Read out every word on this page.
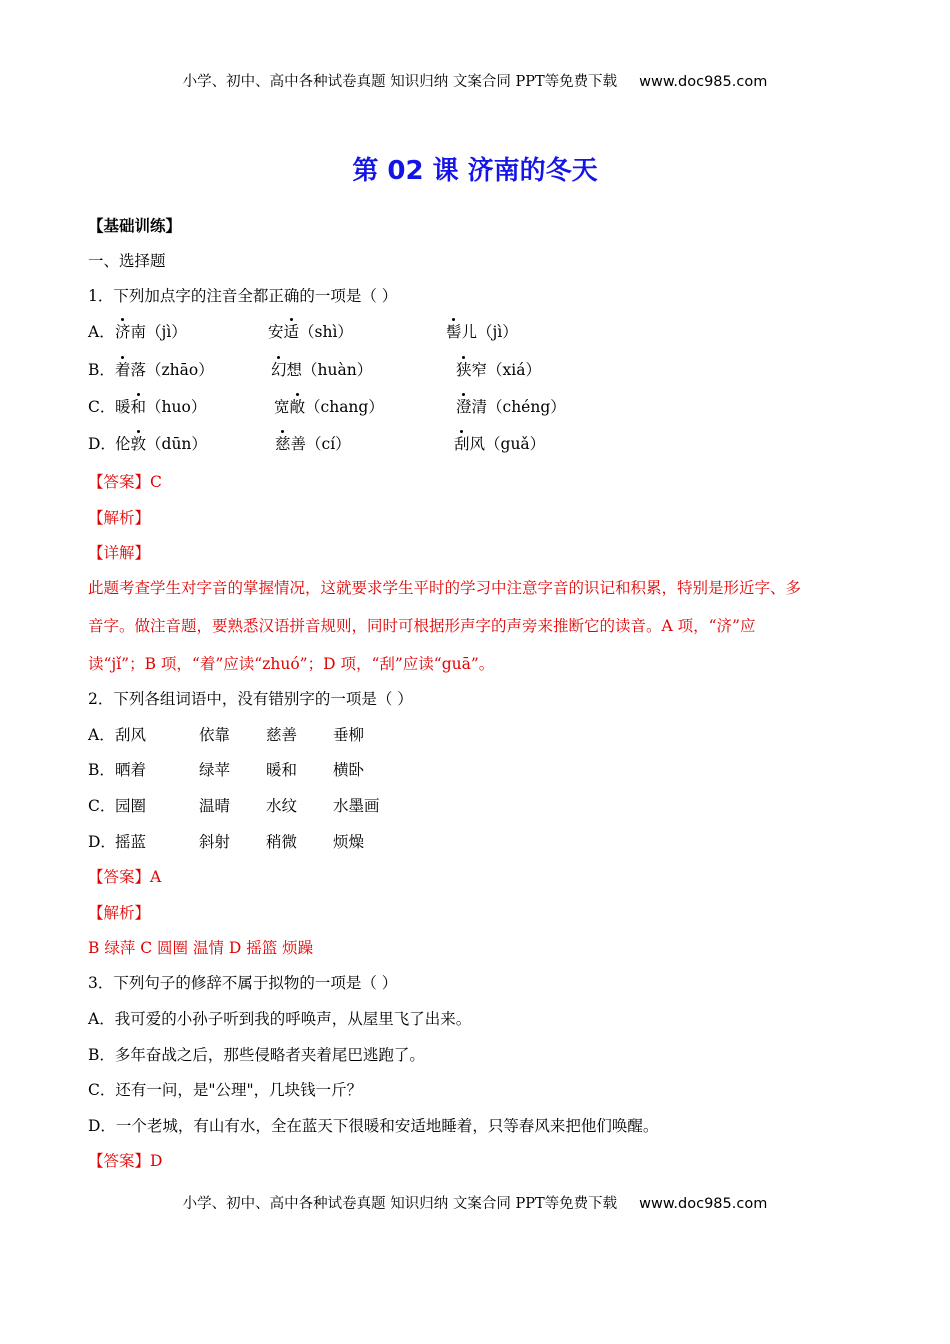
小学、初中、高中各种试卷真题 知识归纳 文案合同 PPT等免费下载 www.doc985.com
第 02 课 济南的冬天
【基础训练】
一、选择题
1．下列加点字的注音全都正确的一项是（ ）
A． 济南（jì）	安适（shì）	髻儿（jì）
B． 着落（zhāo）	幻想（huàn）	狭窄（xiá）
C． 暖和（huo）	宽敞（chang）	澄清（chéng）
D． 伦敦（dūn）	慈善（cí）	刮风（guǎ）
【答案】C
【解析】
【详解】
此题考查学生对字音的掌握情况，这就要求学生平时的学习中注意字音的识记和积累，特别是形近字、多
音字。做注音题，要熟悉汉语拼音规则，同时可根据形声字的声旁来推断它的读音。A 项，“济”应
读“jǐ”；B 项，“着”应读“zhuó”；D 项，“刮”应读“guā”。
2．下列各组词语中，没有错别字的一项是（ ）
A． 刮风	依靠 慈善 垂柳
B． 晒着	绿苹 暖和 横卧
C． 园圈	温晴 水纹 水墨画
D． 摇蓝	斜射 稍微 烦燥
【答案】A
【解析】
B 绿萍 C 圆圈 温情 D 摇篮 烦躁
3．下列句子的修辞不属于拟物的一项是（ ）
A．我可爱的小孙子听到我的呼唤声，从屋里飞了出来。
B．多年奋战之后，那些侵略者夹着尾巴逃跑了。
C．还有一问，是"公理"，几块钱一斤？
D．一个老城，有山有水，全在蓝天下很暖和安适地睡着，只等春风来把他们唤醒。
【答案】D
小学、初中、高中各种试卷真题 知识归纳 文案合同 PPT等免费下载 www.doc985.com
